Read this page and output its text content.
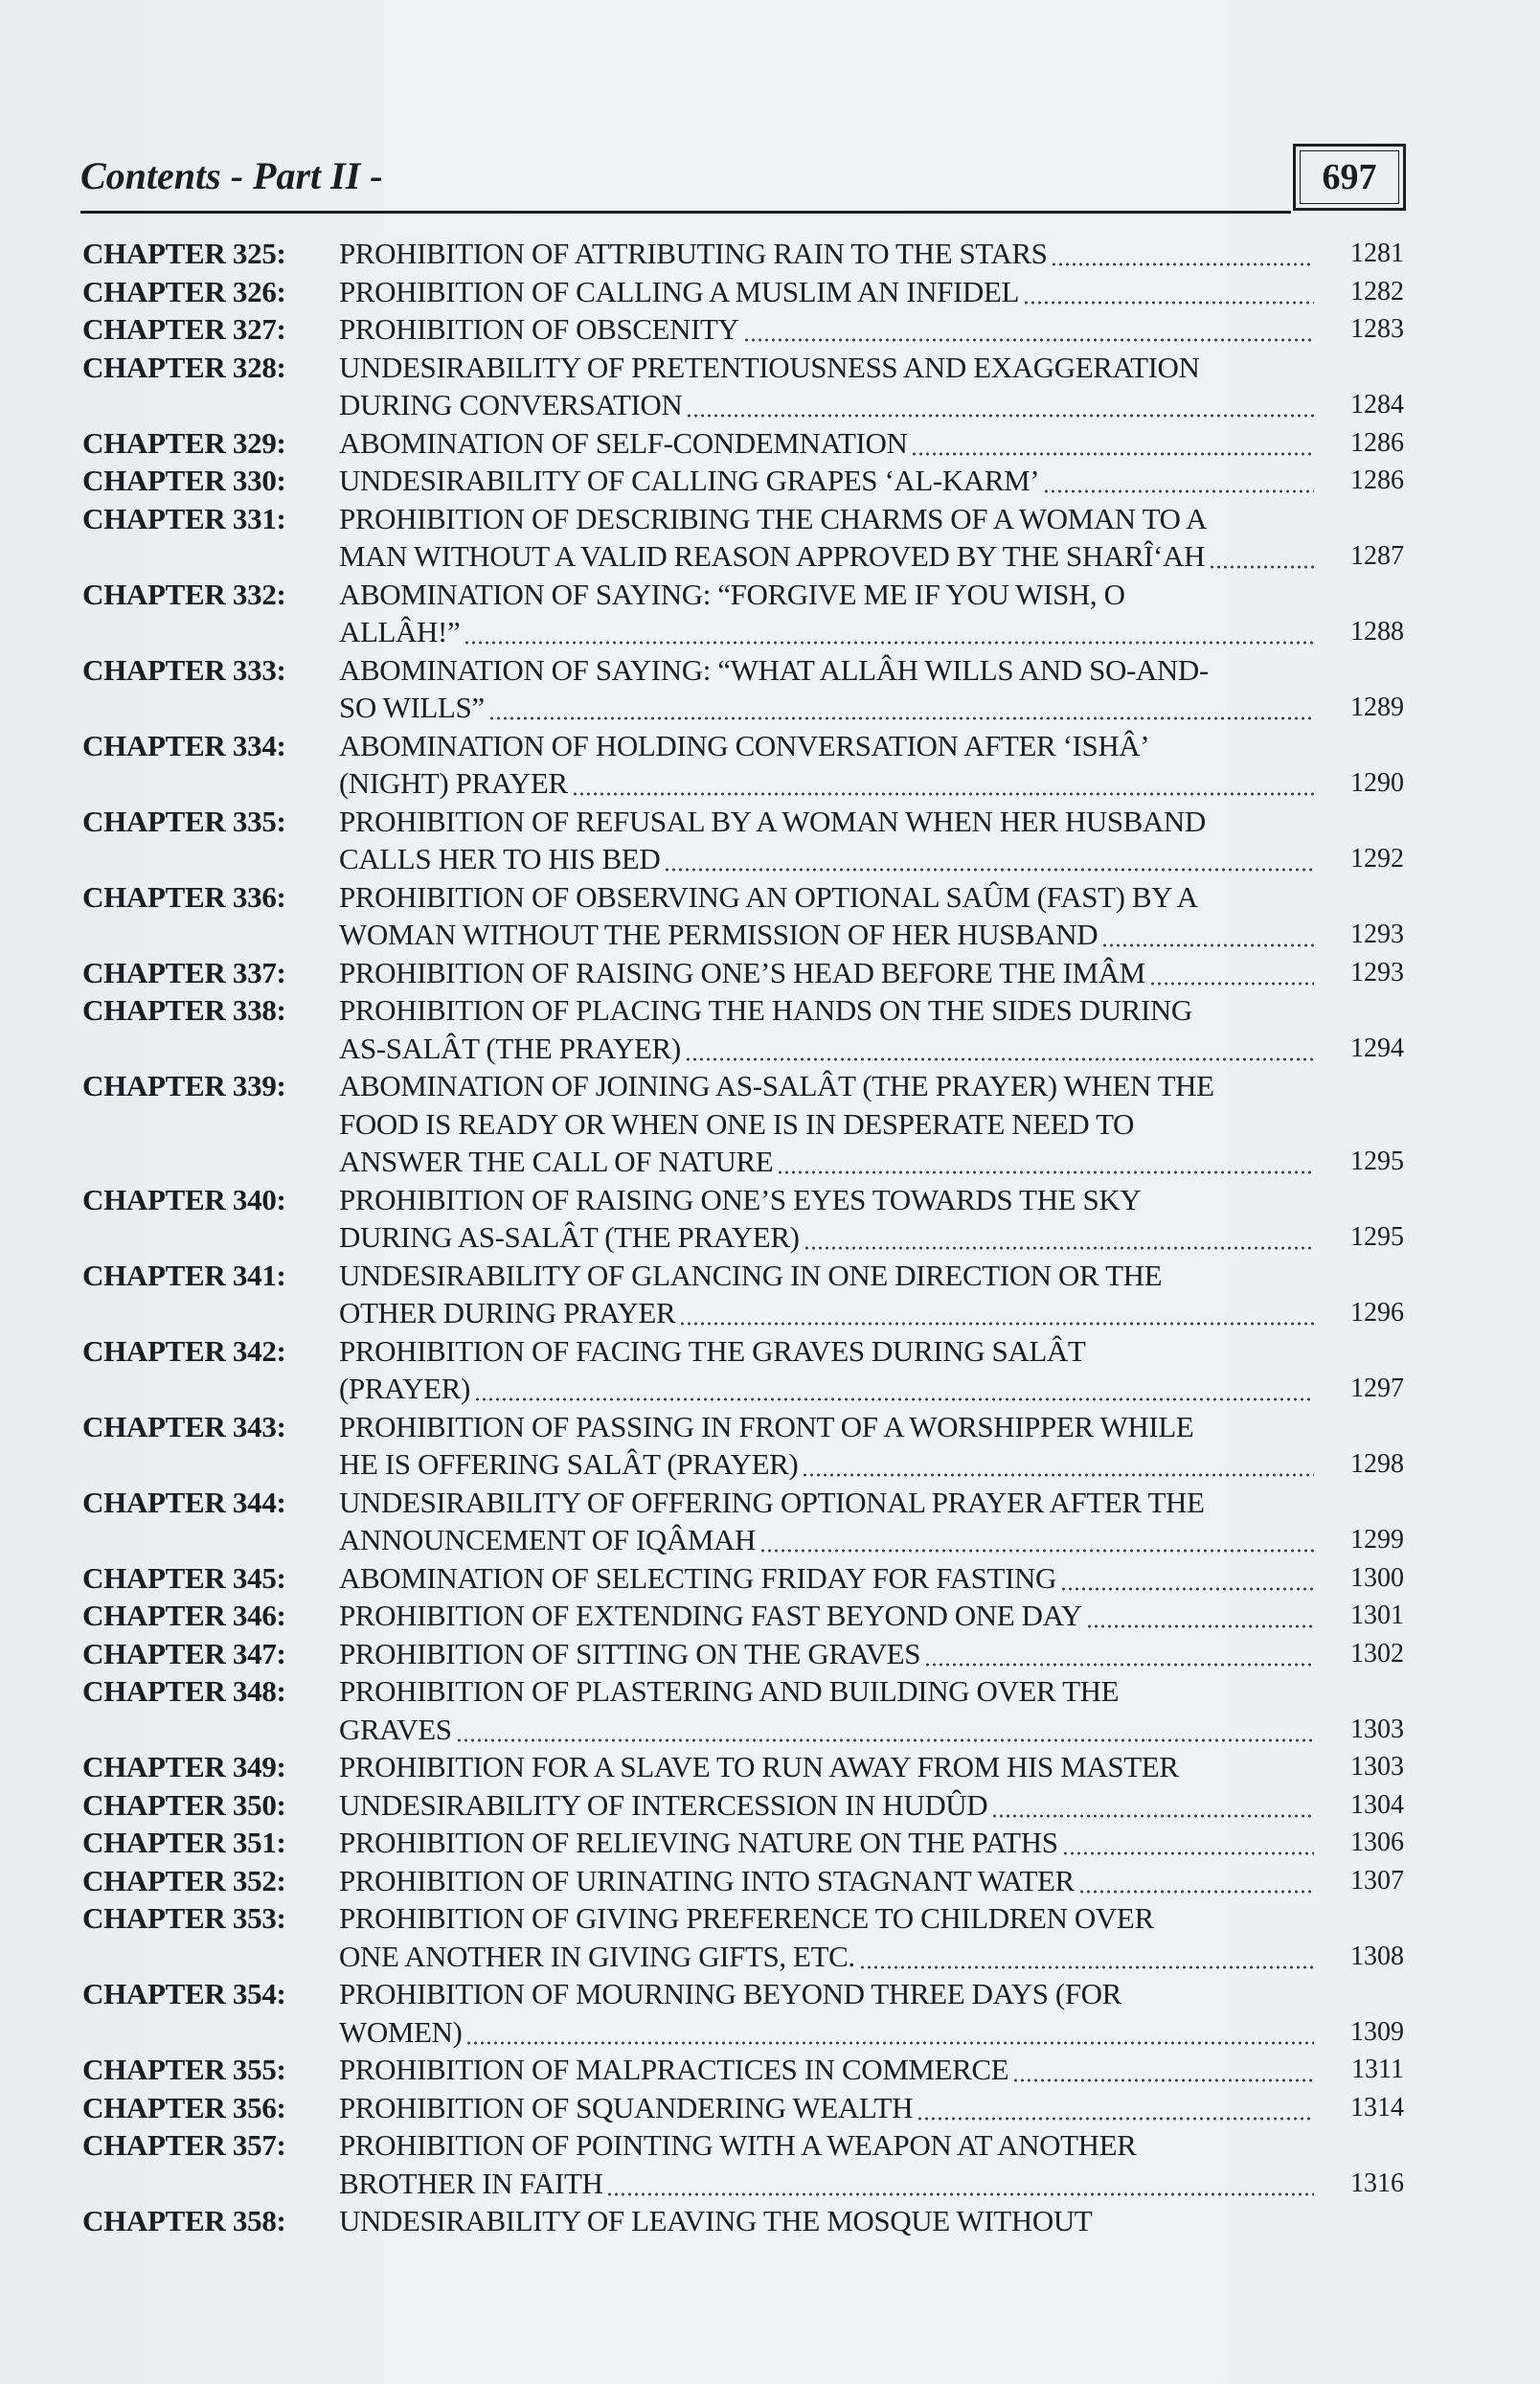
Contents - Part II -	697
CHAPTER 325:	PROHIBITION OF ATTRIBUTING RAIN TO THE STARS	1281
CHAPTER 326:	PROHIBITION OF CALLING A MUSLIM AN INFIDEL	1282
CHAPTER 327:	PROHIBITION OF OBSCENITY	1283
CHAPTER 328:	UNDESIRABILITY OF PRETENTIOUSNESS AND EXAGGERATION
DURING CONVERSATION	1284
CHAPTER 329:	ABOMINATION OF SELF-CONDEMNATION	1286
CHAPTER 330:	UNDESIRABILITY OF CALLING GRAPES ‘AL-KARM’	1286
CHAPTER 331:	PROHIBITION OF DESCRIBING THE CHARMS OF A WOMAN TO A
MAN WITHOUT A VALID REASON APPROVED BY THE SHARÎ‘AH	1287
CHAPTER 332:	ABOMINATION OF SAYING: “FORGIVE ME IF YOU WISH, O
ALLÂH!”	1288
CHAPTER 333:	ABOMINATION OF SAYING: “WHAT ALLÂH WILLS AND SO-AND-
SO WILLS”	1289
CHAPTER 334:	ABOMINATION OF HOLDING CONVERSATION AFTER ‘ISHÂ’
(NIGHT) PRAYER	1290
CHAPTER 335:	PROHIBITION OF REFUSAL BY A WOMAN WHEN HER HUSBAND
CALLS HER TO HIS BED	1292
CHAPTER 336:	PROHIBITION OF OBSERVING AN OPTIONAL SAÛM (FAST) BY A
WOMAN WITHOUT THE PERMISSION OF HER HUSBAND	1293
CHAPTER 337:	PROHIBITION OF RAISING ONE’S HEAD BEFORE THE IMÂM	1293
CHAPTER 338:	PROHIBITION OF PLACING THE HANDS ON THE SIDES DURING
AS-SALÂT (THE PRAYER)	1294
CHAPTER 339:	ABOMINATION OF JOINING AS-SALÂT (THE PRAYER) WHEN THE
FOOD IS READY OR WHEN ONE IS IN DESPERATE NEED TO
ANSWER THE CALL OF NATURE	1295
CHAPTER 340:	PROHIBITION OF RAISING ONE’S EYES TOWARDS THE SKY
DURING AS-SALÂT (THE PRAYER)	1295
CHAPTER 341:	UNDESIRABILITY OF GLANCING IN ONE DIRECTION OR THE
OTHER DURING PRAYER	1296
CHAPTER 342:	PROHIBITION OF FACING THE GRAVES DURING SALÂT
(PRAYER)	1297
CHAPTER 343:	PROHIBITION OF PASSING IN FRONT OF A WORSHIPPER WHILE
HE IS OFFERING SALÂT (PRAYER)	1298
CHAPTER 344:	UNDESIRABILITY OF OFFERING OPTIONAL PRAYER AFTER THE
ANNOUNCEMENT OF IQÂMAH	1299
CHAPTER 345:	ABOMINATION OF SELECTING FRIDAY FOR FASTING	1300
CHAPTER 346:	PROHIBITION OF EXTENDING FAST BEYOND ONE DAY	1301
CHAPTER 347:	PROHIBITION OF SITTING ON THE GRAVES	1302
CHAPTER 348:	PROHIBITION OF PLASTERING AND BUILDING OVER THE
GRAVES	1303
CHAPTER 349:	PROHIBITION FOR A SLAVE TO RUN AWAY FROM HIS MASTER	1303
CHAPTER 350:	UNDESIRABILITY OF INTERCESSION IN HUDÛD	1304
CHAPTER 351:	PROHIBITION OF RELIEVING NATURE ON THE PATHS	1306
CHAPTER 352:	PROHIBITION OF URINATING INTO STAGNANT WATER	1307
CHAPTER 353:	PROHIBITION OF GIVING PREFERENCE TO CHILDREN OVER
ONE ANOTHER IN GIVING GIFTS, ETC.	1308
CHAPTER 354:	PROHIBITION OF MOURNING BEYOND THREE DAYS (FOR
WOMEN)	1309
CHAPTER 355:	PROHIBITION OF MALPRACTICES IN COMMERCE	1311
CHAPTER 356:	PROHIBITION OF SQUANDERING WEALTH	1314
CHAPTER 357:	PROHIBITION OF POINTING WITH A WEAPON AT ANOTHER
BROTHER IN FAITH	1316
CHAPTER 358:	UNDESIRABILITY OF LEAVING THE MOSQUE WITHOUT
